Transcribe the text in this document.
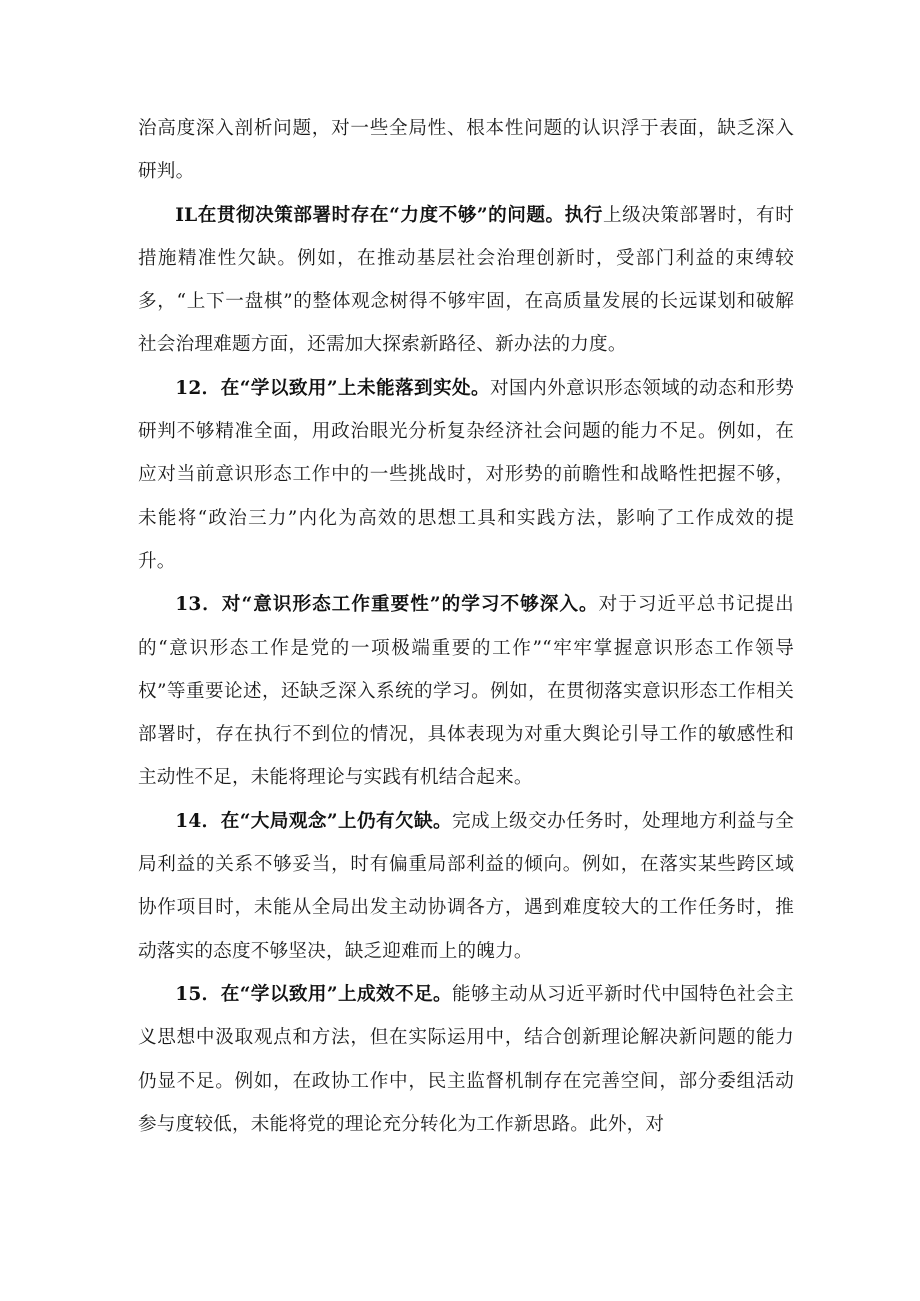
治高度深入剖析问题，对一些全局性、根本性问题的认识浮于表面，缺乏深入研判。

IL在贯彻决策部署时存在“力度不够”的问题。执行上级决策部署时，有时措施精准性欠缺。例如，在推动基层社会治理创新时，受部门利益的束缚较多，“上下一盘棋”的整体观念树得不够牢固，在高质量发展的长远谋划和破解社会治理难题方面，还需加大探索新路径、新办法的力度。

12．在“学以致用”上未能落到实处。对国内外意识形态领域的动态和形势研判不够精准全面，用政治眼光分析复杂经济社会问题的能力不足。例如，在应对当前意识形态工作中的一些挑战时，对形势的前瞻性和战略性把握不够，未能将“政治三力”内化为高效的思想工具和实践方法，影响了工作成效的提升。

13．对“意识形态工作重要性”的学习不够深入。对于习近平总书记提出的“意识形态工作是党的一项极端重要的工作”“牢牢掌握意识形态工作领导权”等重要论述，还缺乏深入系统的学习。例如，在贯彻落实意识形态工作相关部署时，存在执行不到位的情况，具体表现为对重大舆论引导工作的敏感性和主动性不足，未能将理论与实践有机结合起来。

14．在“大局观念”上仍有欠缺。完成上级交办任务时，处理地方利益与全局利益的关系不够妥当，时有偏重局部利益的倾向。例如，在落实某些跨区域协作项目时，未能从全局出发主动协调各方，遇到难度较大的工作任务时，推动落实的态度不够坚决，缺乏迎难而上的魄力。

15．在“学以致用”上成效不足。能够主动从习近平新时代中国特色社会主义思想中汲取观点和方法，但在实际运用中，结合创新理论解决新问题的能力仍显不足。例如，在政协工作中，民主监督机制存在完善空间，部分委组活动参与度较低，未能将党的理论充分转化为工作新思路。此外，对
